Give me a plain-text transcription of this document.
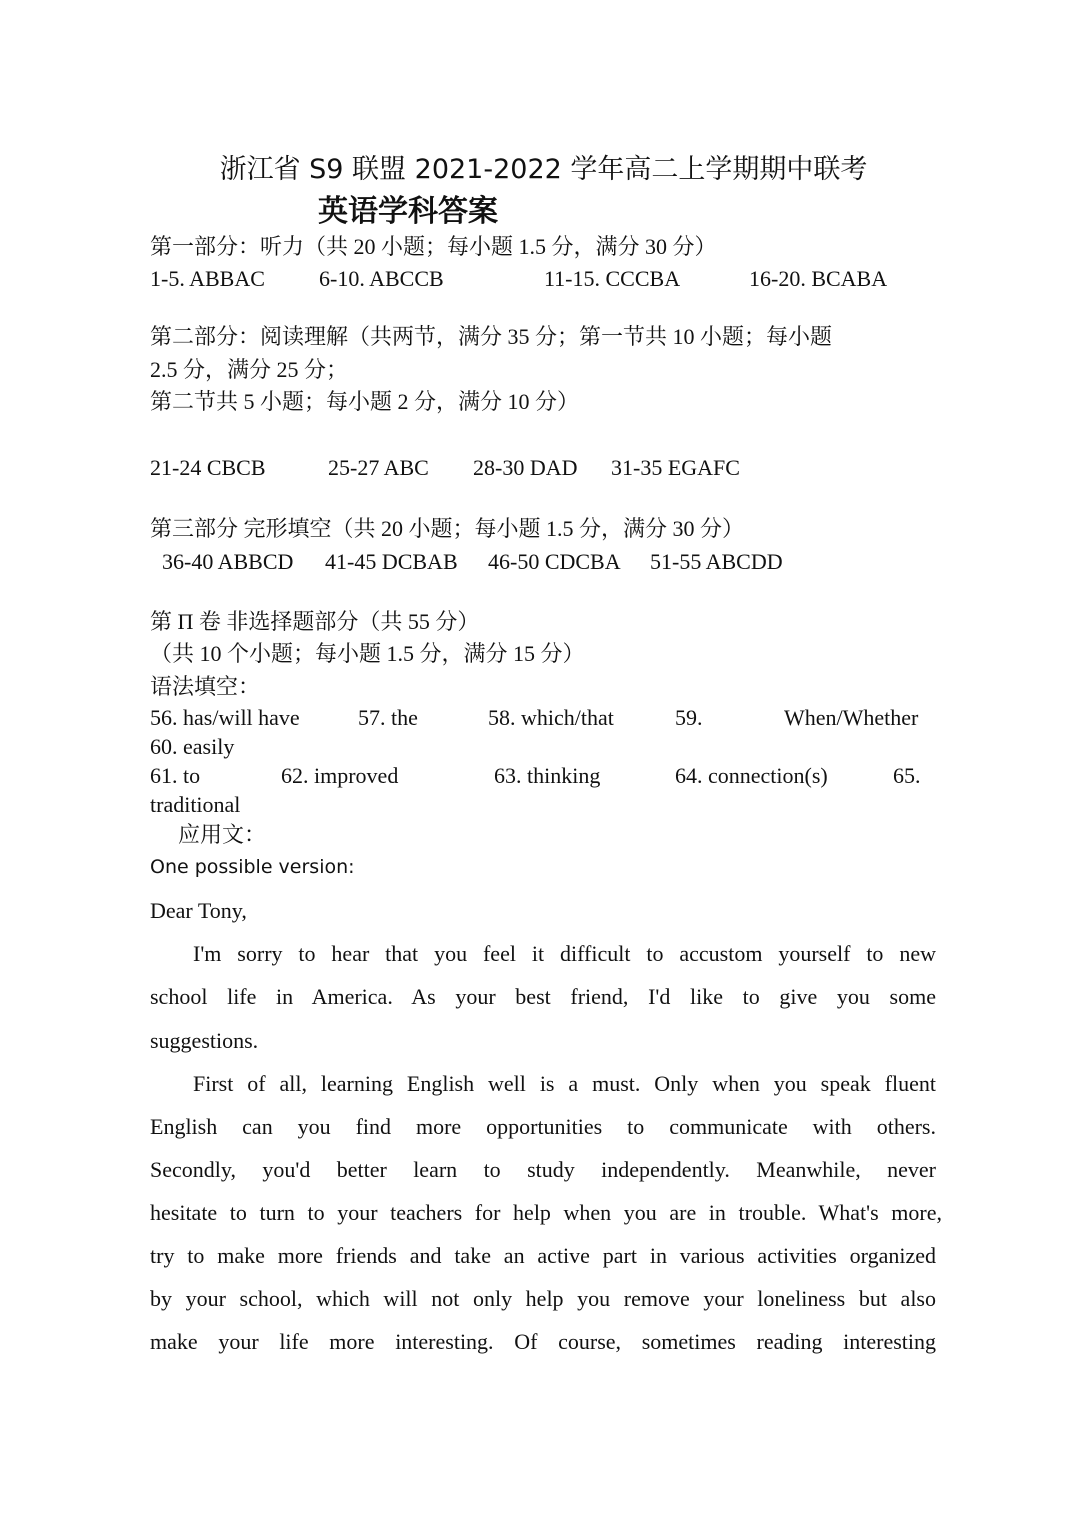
浙江省 S9 联盟 2021-2022 学年高二上学期期中联考
英语学科答案
第一部分：听力（共 20 小题；每小题 1.5 分，满分 30 分）
1-5. ABBAC 6-10. ABCCB	11-15. CCCBA	16-20. BCABA
第二部分：阅读理解（共两节，满分 35 分；第一节共 10 小题；每小题
2.5 分，满分 25 分；
第二节共 5 小题；每小题 2 分，满分 10 分）
21-24 CBCB	25-27 ABC 28-30 DAD 31-35 EGAFC
第三部分 完形填空（共 20 小题；每小题 1.5 分，满分 30 分）
36-40 ABBCD 41-45 DCBAB 46-50 CDCBA 51-55 ABCDD
第 Π 卷 非选择题部分（共 55 分）
（共 10 个小题；每小题 1.5 分，满分 15 分）
语法填空：
56. has/will have	57. the	58. which/that	59.	When/Whether
60. easily
61. to	62. improved	63. thinking	64. connection(s)	65.
traditional
应用文：
One possible version:
Dear Tony,
I'm sorry to hear that you feel it difficult to accustom yourself to new
school life in America. As your best friend, I'd like to give you some
suggestions.
First of all, learning English well is a must. Only when you speak fluent
English can you find more opportunities to communicate with others.
Secondly, you'd better learn to study independently. Meanwhile, never
hesitate to turn to your teachers for help when you are in trouble. What's more,
try to make more friends and take an active part in various activities organized
by your school, which will not only help you remove your loneliness but also
make your life more interesting. Of course, sometimes reading interesting
